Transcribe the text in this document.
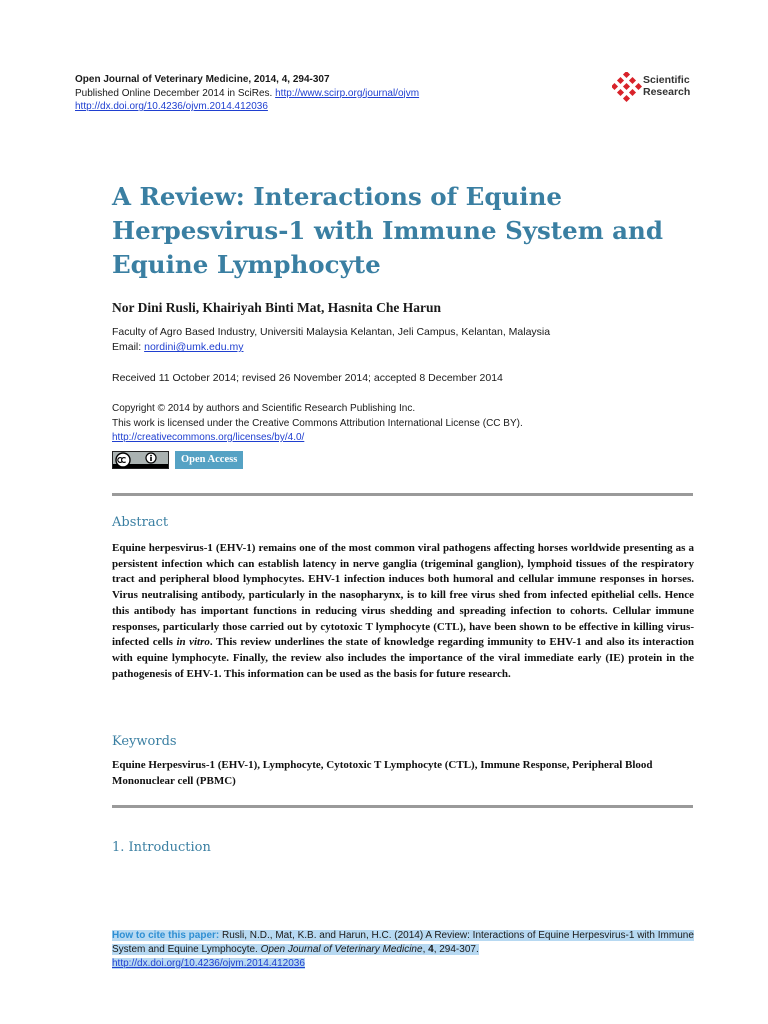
Open Journal of Veterinary Medicine, 2014, 4, 294-307
Published Online December 2014 in SciRes. http://www.scirp.org/journal/ojvm
http://dx.doi.org/10.4236/ojvm.2014.412036
Scientific
Research
A Review: Interactions of Equine Herpesvirus-1 with Immune System and Equine Lymphocyte
Nor Dini Rusli, Khairiyah Binti Mat, Hasnita Che Harun
Faculty of Agro Based Industry, Universiti Malaysia Kelantan, Jeli Campus, Kelantan, Malaysia
Email: nordini@umk.edu.my
Received 11 October 2014; revised 26 November 2014; accepted 8 December 2014
Copyright © 2014 by authors and Scientific Research Publishing Inc.
This work is licensed under the Creative Commons Attribution International License (CC BY).
http://creativecommons.org/licenses/by/4.0/
Open Access
Abstract

Equine herpesvirus-1 (EHV-1) remains one of the most common viral pathogens affecting horses worldwide presenting as a persistent infection which can establish latency in nerve ganglia (trigeminal ganglion), lymphoid tissues of the respiratory tract and peripheral blood lymphocytes. EHV-1 infection induces both humoral and cellular immune responses in horses. Virus neutralising antibody, particularly in the nasopharynx, is to kill free virus shed from infected epithelial cells. Hence this antibody has important functions in reducing virus shedding and spreading infection to cohorts. Cellular immune responses, particularly those carried out by cytotoxic T lymphocyte (CTL), have been shown to be effective in killing virus-infected cells in vitro. This review underlines the state of knowledge regarding immunity to EHV-1 and also its interaction with equine lymphocyte. Finally, the review also includes the importance of the viral immediate early (IE) protein in the pathogenesis of EHV-1. This information can be used as the basis for future research.

Keywords

Equine Herpesvirus-1 (EHV-1), Lymphocyte, Cytotoxic T Lymphocyte (CTL), Immune Response, Peripheral Blood Mononuclear cell (PBMC)

1. Introduction
How to cite this paper: Rusli, N.D., Mat, K.B. and Harun, H.C. (2014) A Review: Interactions of Equine Herpesvirus-1 with Immune System and Equine Lymphocyte. Open Journal of Veterinary Medicine, 4, 294-307.
http://dx.doi.org/10.4236/ojvm.2014.412036
